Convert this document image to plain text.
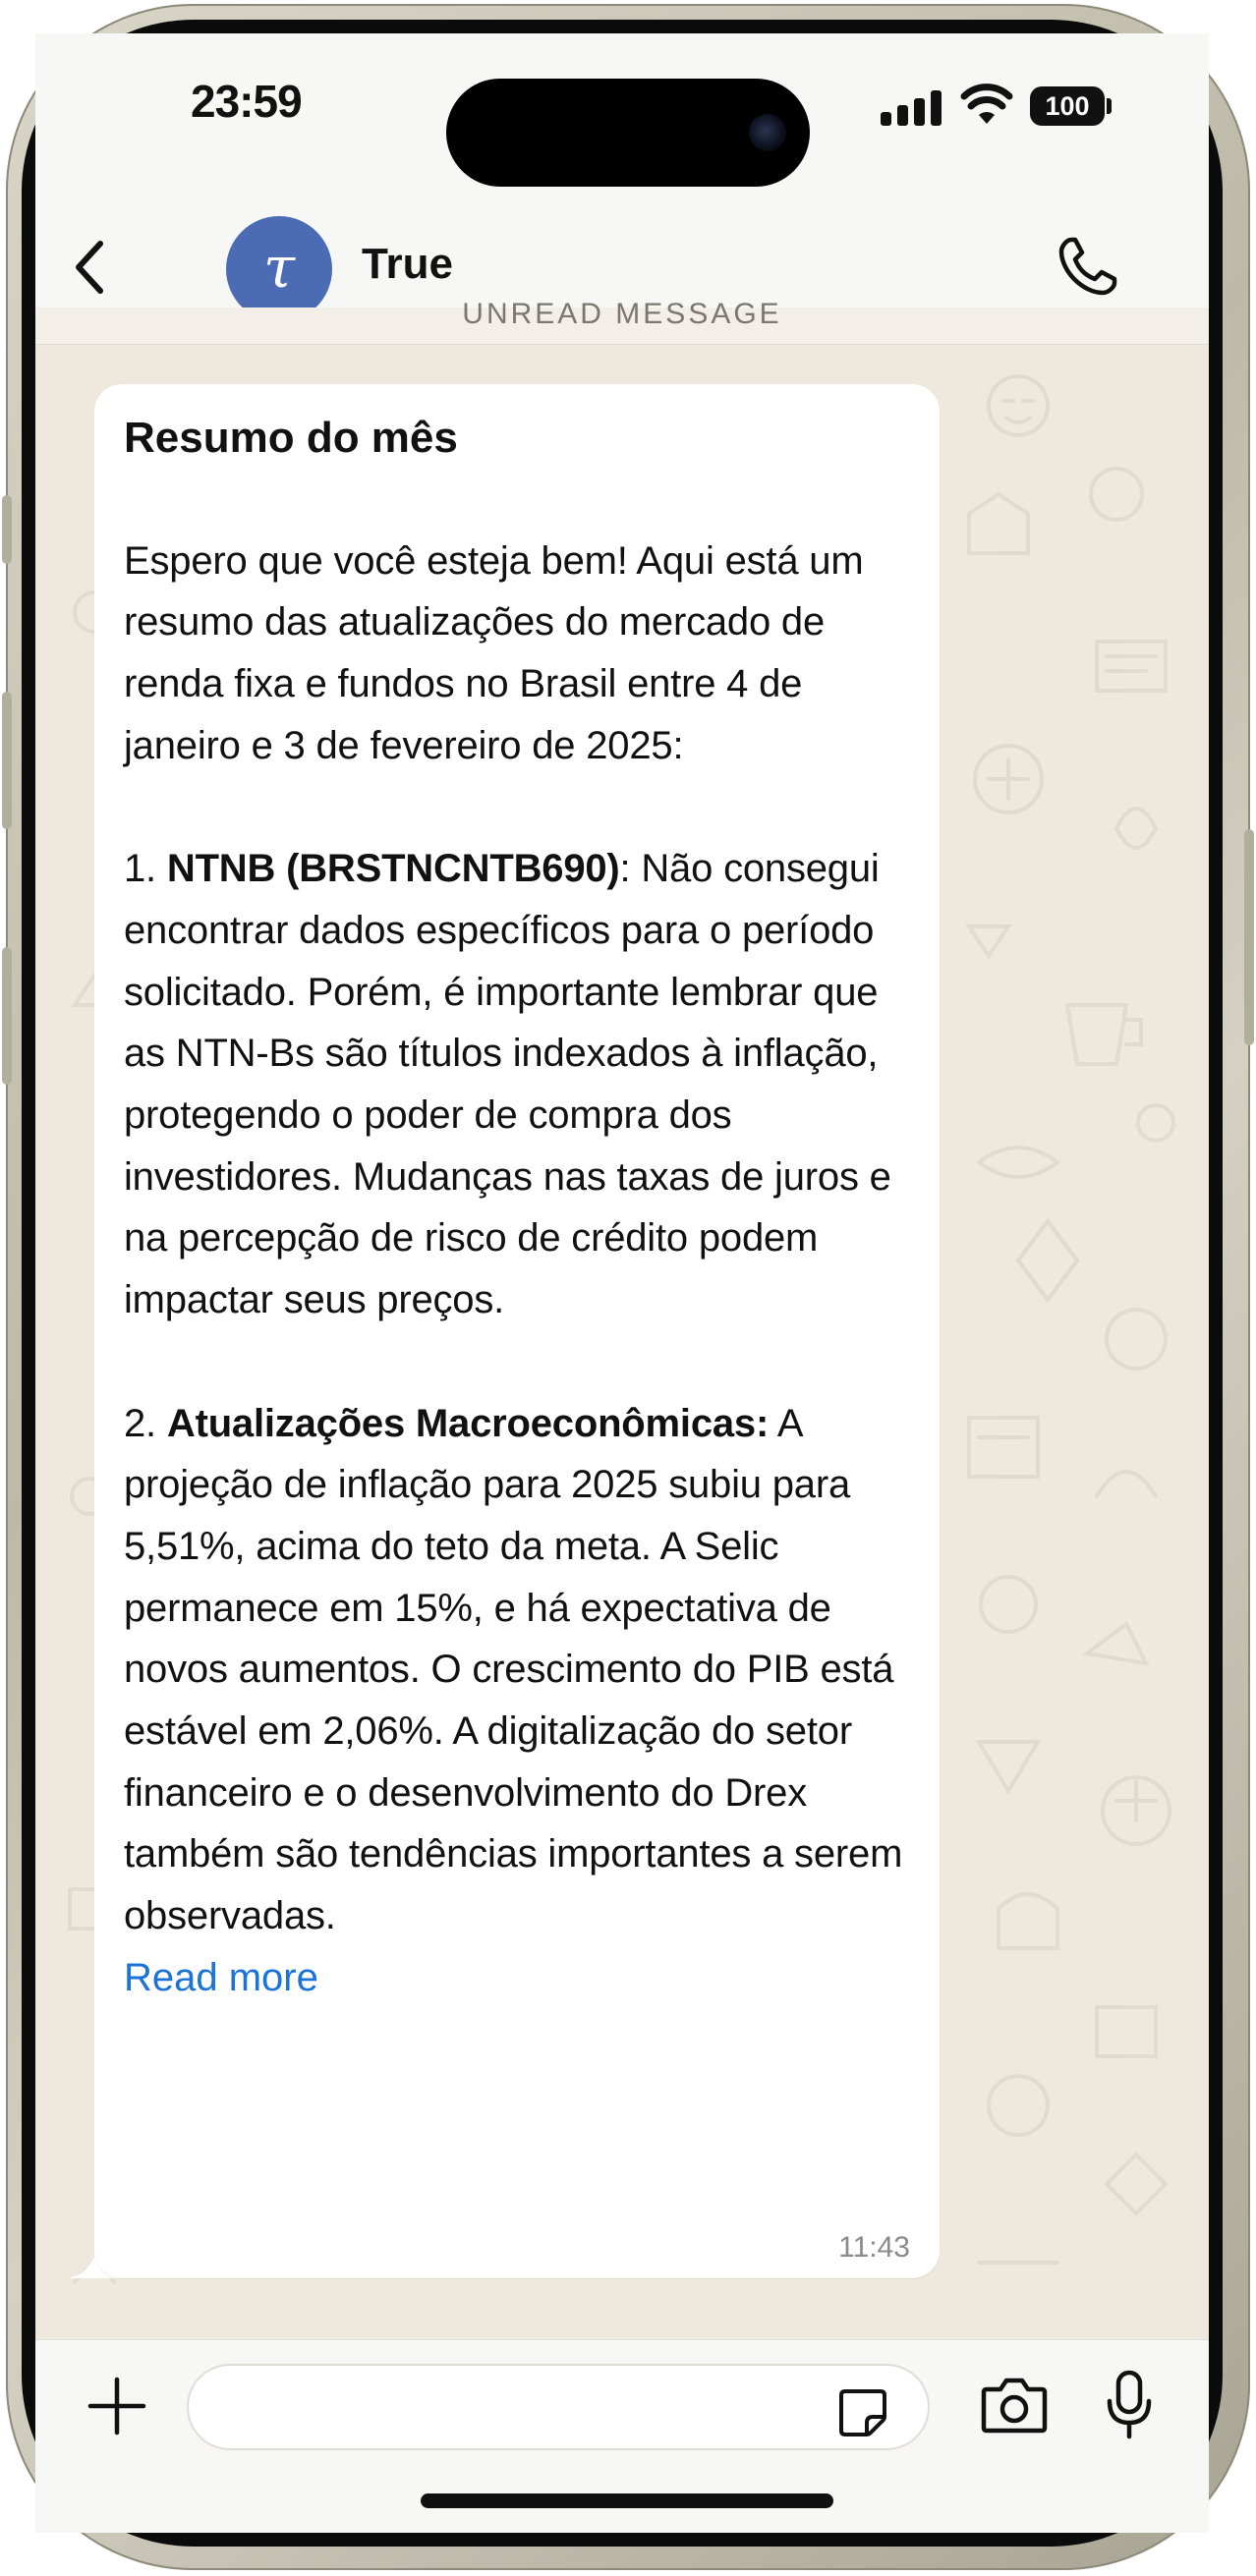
23:59	100
τ	True
UNREAD MESSAGE
Resumo do mês

Espero que você esteja bem! Aqui está um resumo das atualizações do mercado de renda fixa e fundos no Brasil entre 4 de janeiro e 3 de fevereiro de 2025:

1. NTNB (BRSTNCNTB690): Não consegui encontrar dados específicos para o período solicitado. Porém, é importante lembrar que as NTN-Bs são títulos indexados à inflação, protegendo o poder de compra dos investidores. Mudanças nas taxas de juros e na percepção de risco de crédito podem impactar seus preços.

2. Atualizações Macroeconômicas: A projeção de inflação para 2025 subiu para 5,51%, acima do teto da meta. A Selic permanece em 15%, e há expectativa de novos aumentos. O crescimento do PIB está estável em 2,06%. A digitalização do setor financeiro e o desenvolvimento do Drex também são tendências importantes a serem observadas.
Read more
11:43
